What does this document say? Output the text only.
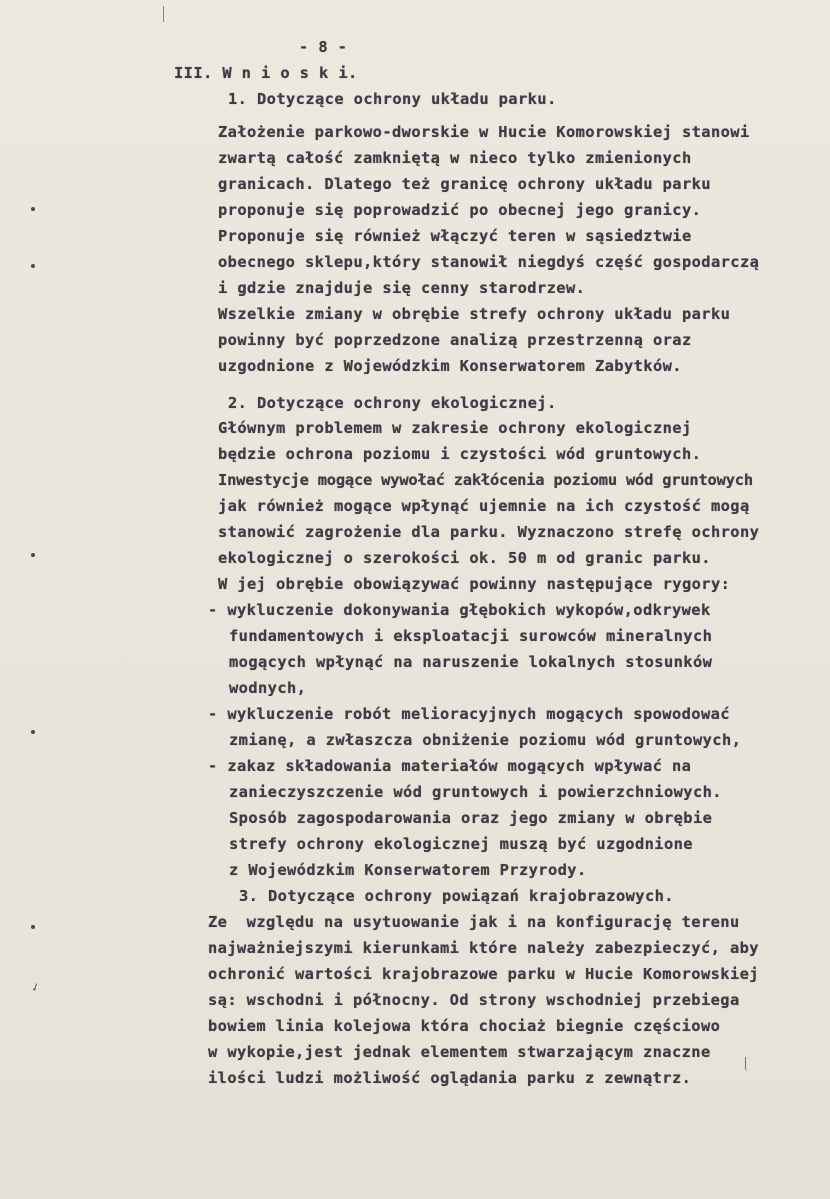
✓
- 8 -
III. W n i o s k i.
1. Dotyczące ochrony układu parku.
Założenie parkowo-dworskie w Hucie Komorowskiej stanowi
zwartą całość zamkniętą w nieco tylko zmienionych
granicach. Dlatego też granicę ochrony układu parku
proponuje się poprowadzić po obecnej jego granicy.
Proponuje się również włączyć teren w sąsiedztwie
obecnego sklepu,który stanowił niegdyś część gospodarczą
i gdzie znajduje się cenny starodrzew.
Wszelkie zmiany w obrębie strefy ochrony układu parku
powinny być poprzedzone analizą przestrzenną oraz
uzgodnione z Wojewódzkim Konserwatorem Zabytków.
2. Dotyczące ochrony ekologicznej.
Głównym problemem w zakresie ochrony ekologicznej
będzie ochrona poziomu i czystości wód gruntowych.
Inwestycje mogące wywołać zakłócenia poziomu wód gruntowych
jak również mogące wpłynąć ujemnie na ich czystość mogą
stanowić zagrożenie dla parku. Wyznaczono strefę ochrony
ekologicznej o szerokości ok. 50 m od granic parku.
W jej obrębie obowiązywać powinny następujące rygory:
- wykluczenie dokonywania głębokich wykopów,odkrywek
fundamentowych i eksploatacji surowców mineralnych
mogących wpłynąć na naruszenie lokalnych stosunków
wodnych,
- wykluczenie robót melioracyjnych mogących spowodować
zmianę, a zwłaszcza obniżenie poziomu wód gruntowych,
- zakaz składowania materiałów mogących wpływać na
zanieczyszczenie wód gruntowych i powierzchniowych.
Sposób zagospodarowania oraz jego zmiany w obrębie
strefy ochrony ekologicznej muszą być uzgodnione
z Wojewódzkim Konserwatorem Przyrody.
3. Dotyczące ochrony powiązań krajobrazowych.
Ze  względu na usytuowanie jak i na konfigurację terenu
najważniejszymi kierunkami które należy zabezpieczyć, aby
ochronić wartości krajobrazowe parku w Hucie Komorowskiej
są: wschodni i północny. Od strony wschodniej przebiega
bowiem linia kolejowa która chociaż biegnie częściowo
w wykopie,jest jednak elementem stwarzającym znaczne
ilości ludzi możliwość oglądania parku z zewnątrz.
